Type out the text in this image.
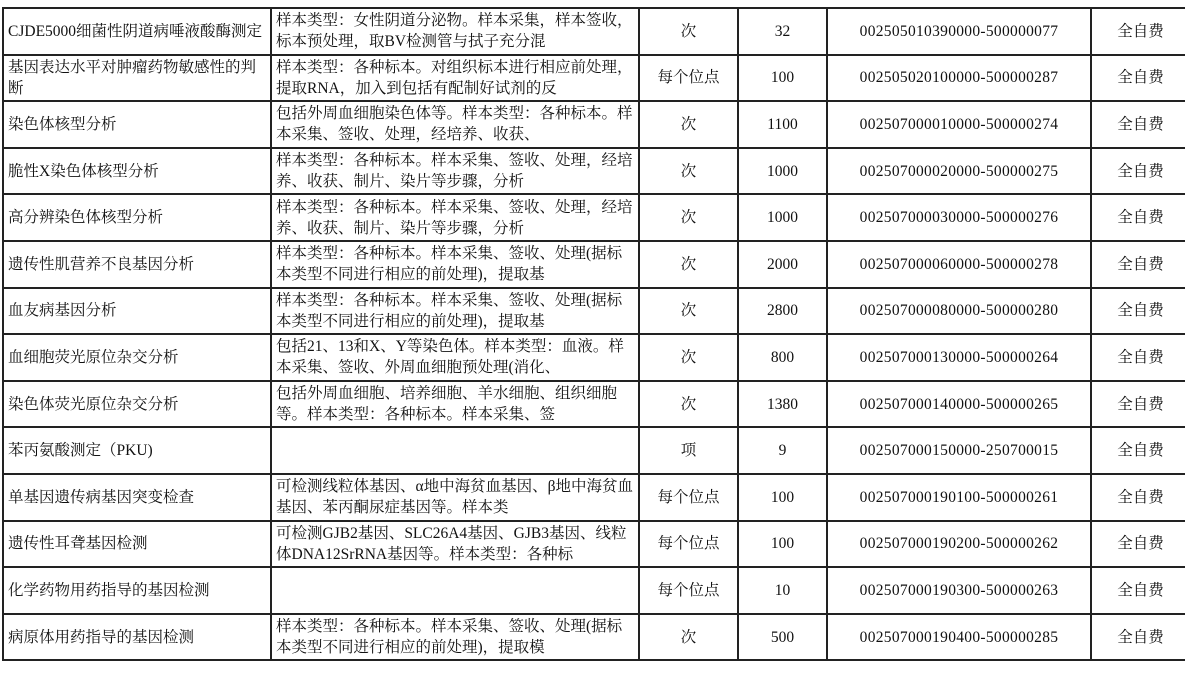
CJDE5000细菌性阴道病唾液酸酶测定	样本类型：女性阴道分泌物。样本采集，样本签收，标本预处理，取BV检测管与拭子充分混	次	32	002505010390000-500000077	全自费
基因表达水平对肿瘤药物敏感性的判断	样本类型：各种标本。对组织标本进行相应前处理，提取RNA，加入到包括有配制好试剂的反	每个位点	100	002505020100000-500000287	全自费
染色体核型分析	包括外周血细胞染色体等。样本类型：各种标本。样本采集、签收、处理，经培养、收获、	次	1100	002507000010000-500000274	全自费
脆性X染色体核型分析	样本类型：各种标本。样本采集、签收、处理，经培养、收获、制片、染片等步骤，分析	次	1000	002507000020000-500000275	全自费
高分辨染色体核型分析	样本类型：各种标本。样本采集、签收、处理，经培养、收获、制片、染片等步骤，分析	次	1000	002507000030000-500000276	全自费
遗传性肌营养不良基因分析	样本类型：各种标本。样本采集、签收、处理(据标本类型不同进行相应的前处理)，提取基	次	2000	002507000060000-500000278	全自费
血友病基因分析	样本类型：各种标本。样本采集、签收、处理(据标本类型不同进行相应的前处理)，提取基	次	2800	002507000080000-500000280	全自费
血细胞荧光原位杂交分析	包括21、13和X、Y等染色体。样本类型：血液。样本采集、签收、外周血细胞预处理(消化、	次	800	002507000130000-500000264	全自费
染色体荧光原位杂交分析	包括外周血细胞、培养细胞、羊水细胞、组织细胞等。样本类型：各种标本。样本采集、签	次	1380	002507000140000-500000265	全自费
苯丙氨酸测定（PKU)		项	9	002507000150000-250700015	全自费
单基因遗传病基因突变检查	可检测线粒体基因、α地中海贫血基因、β地中海贫血基因、苯丙酮尿症基因等。样本类	每个位点	100	002507000190100-500000261	全自费
遗传性耳聋基因检测	可检测GJB2基因、SLC26A4基因、GJB3基因、线粒体DNA12SrRNA基因等。样本类型：各种标	每个位点	100	002507000190200-500000262	全自费
化学药物用药指导的基因检测		每个位点	10	002507000190300-500000263	全自费
病原体用药指导的基因检测	样本类型：各种标本。样本采集、签收、处理(据标本类型不同进行相应的前处理)，提取模	次	500	002507000190400-500000285	全自费
